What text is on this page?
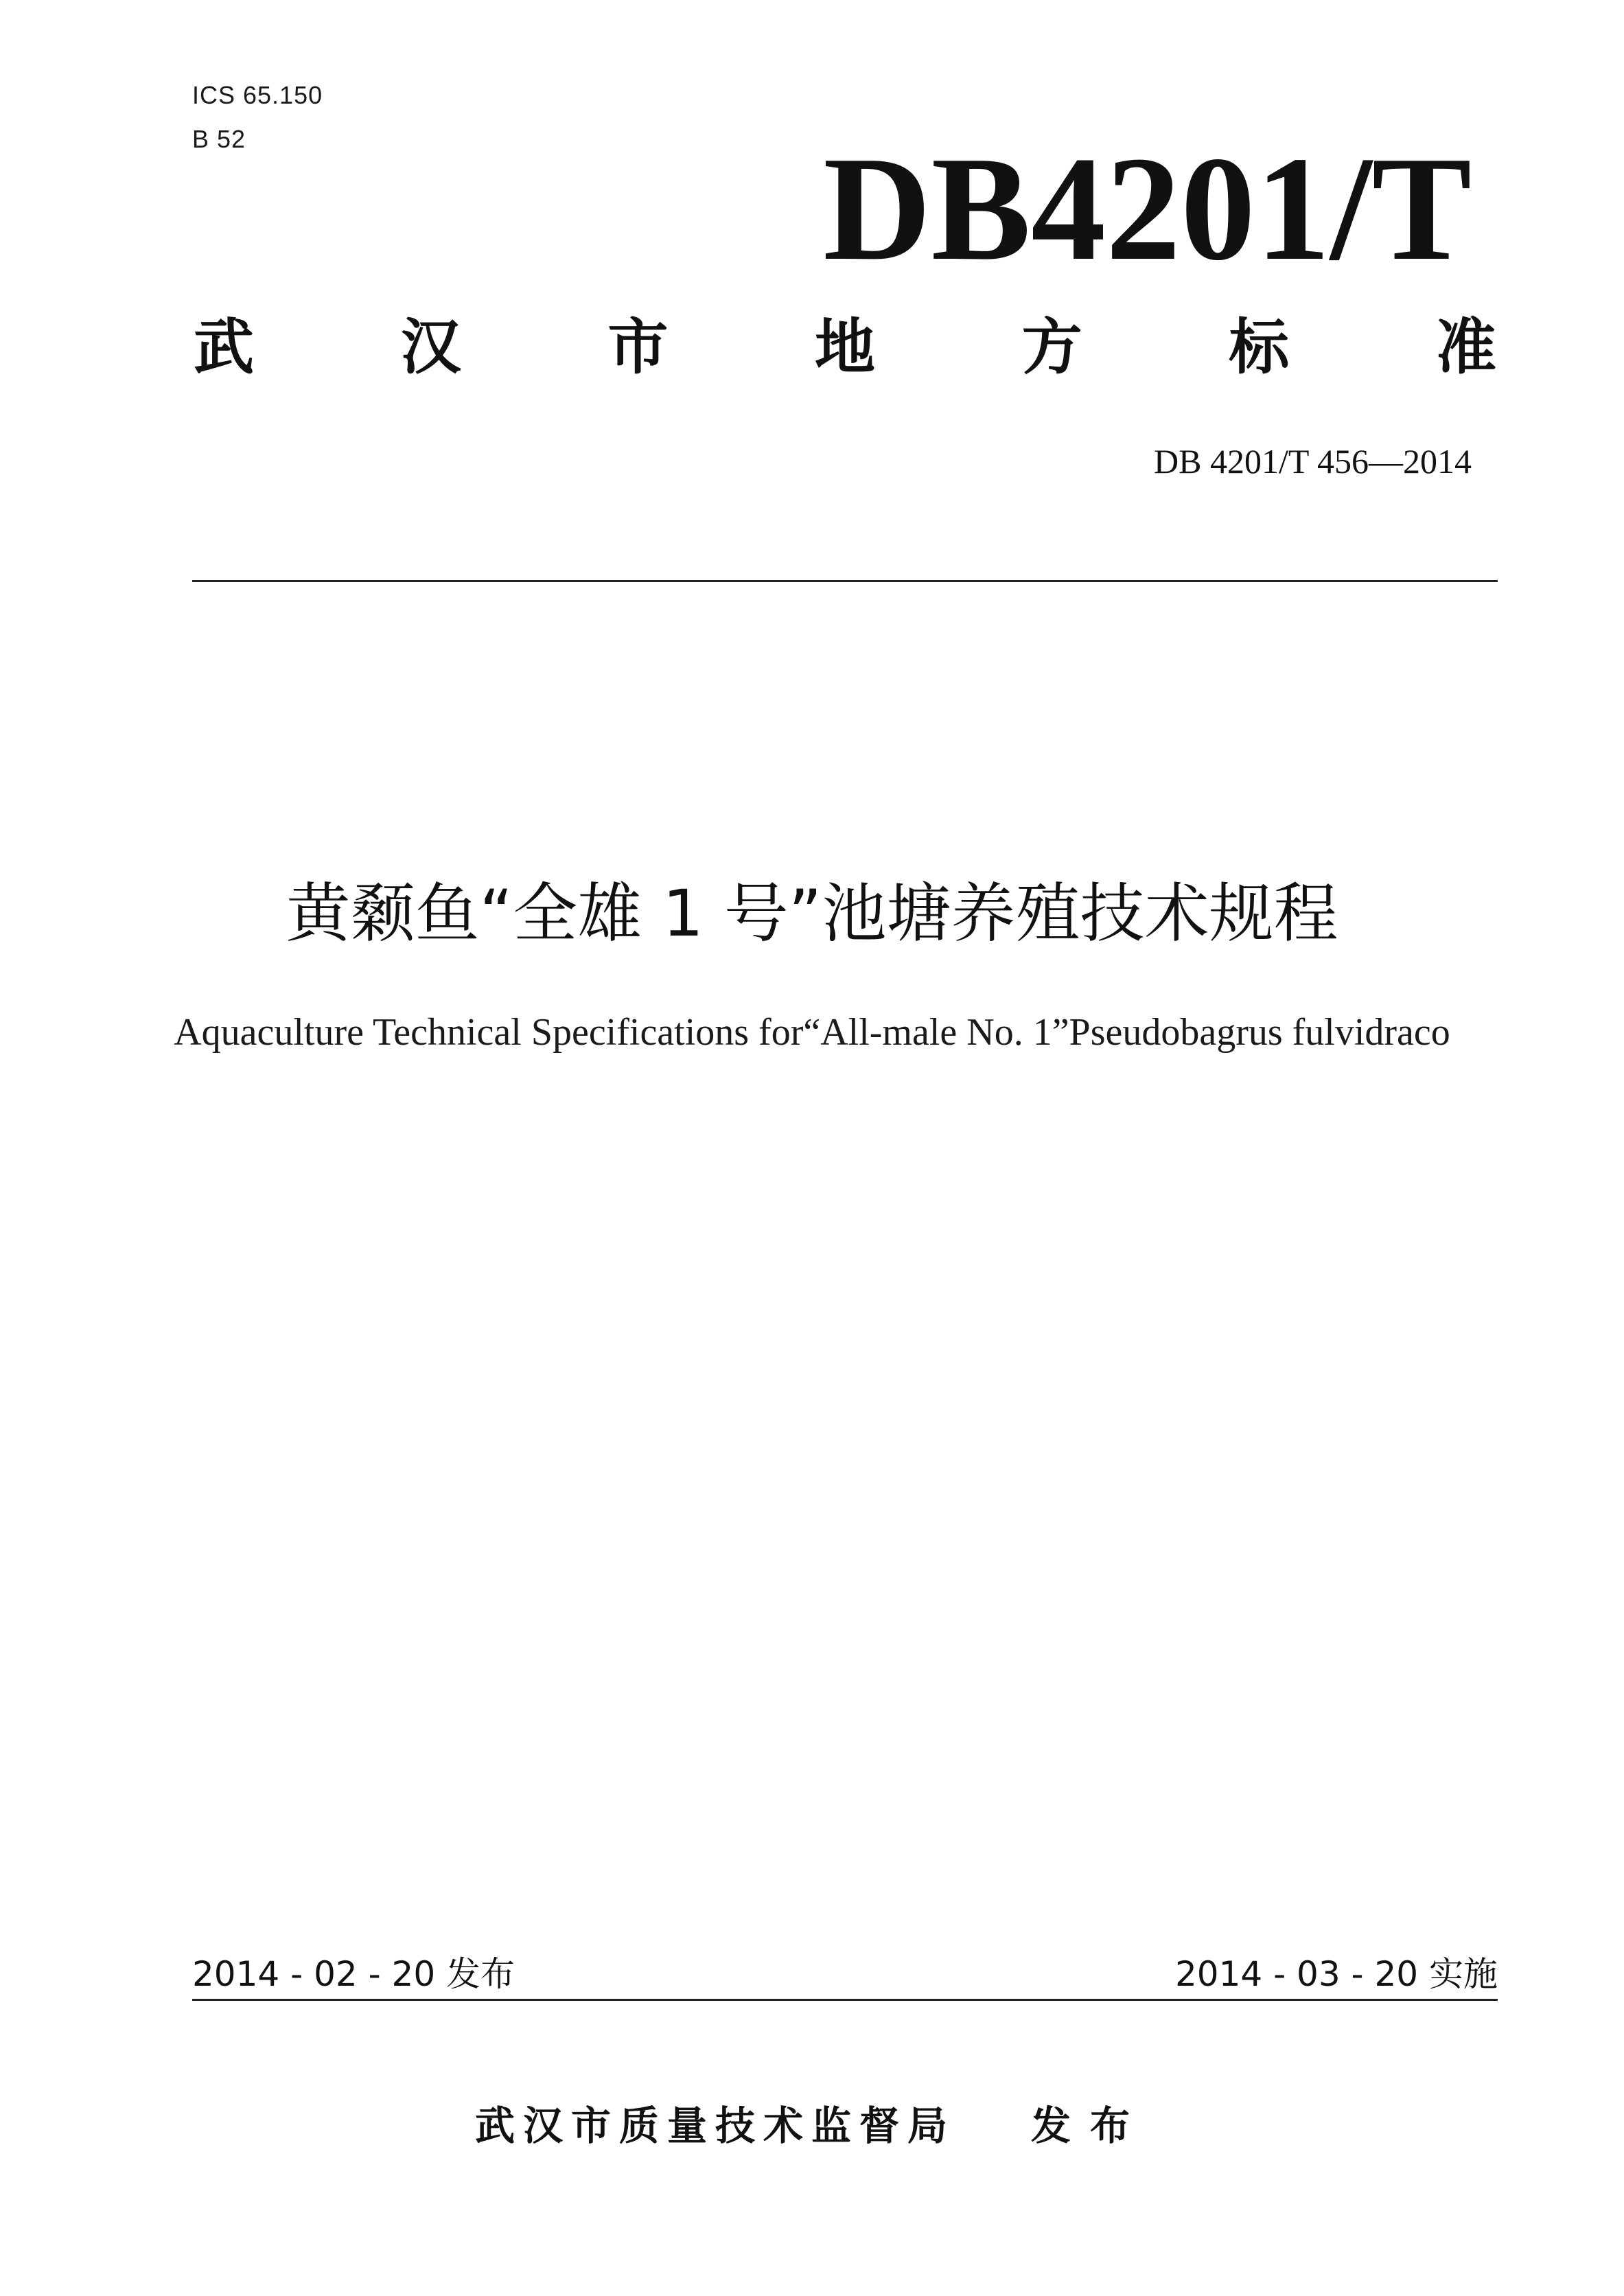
ICS 65.150
B 52	DB4201/T
武 汉 市 地 方 标 准
DB 4201/T 456—2014
黄颡鱼“全雄 1 号”池塘养殖技术规程
Aquaculture Technical Specifications for“All-male No. 1”Pseudobagrus fulvidraco
2014 - 02 - 20 发布	2014 - 03 - 20 实施
武汉市质量技术监督局 发布
